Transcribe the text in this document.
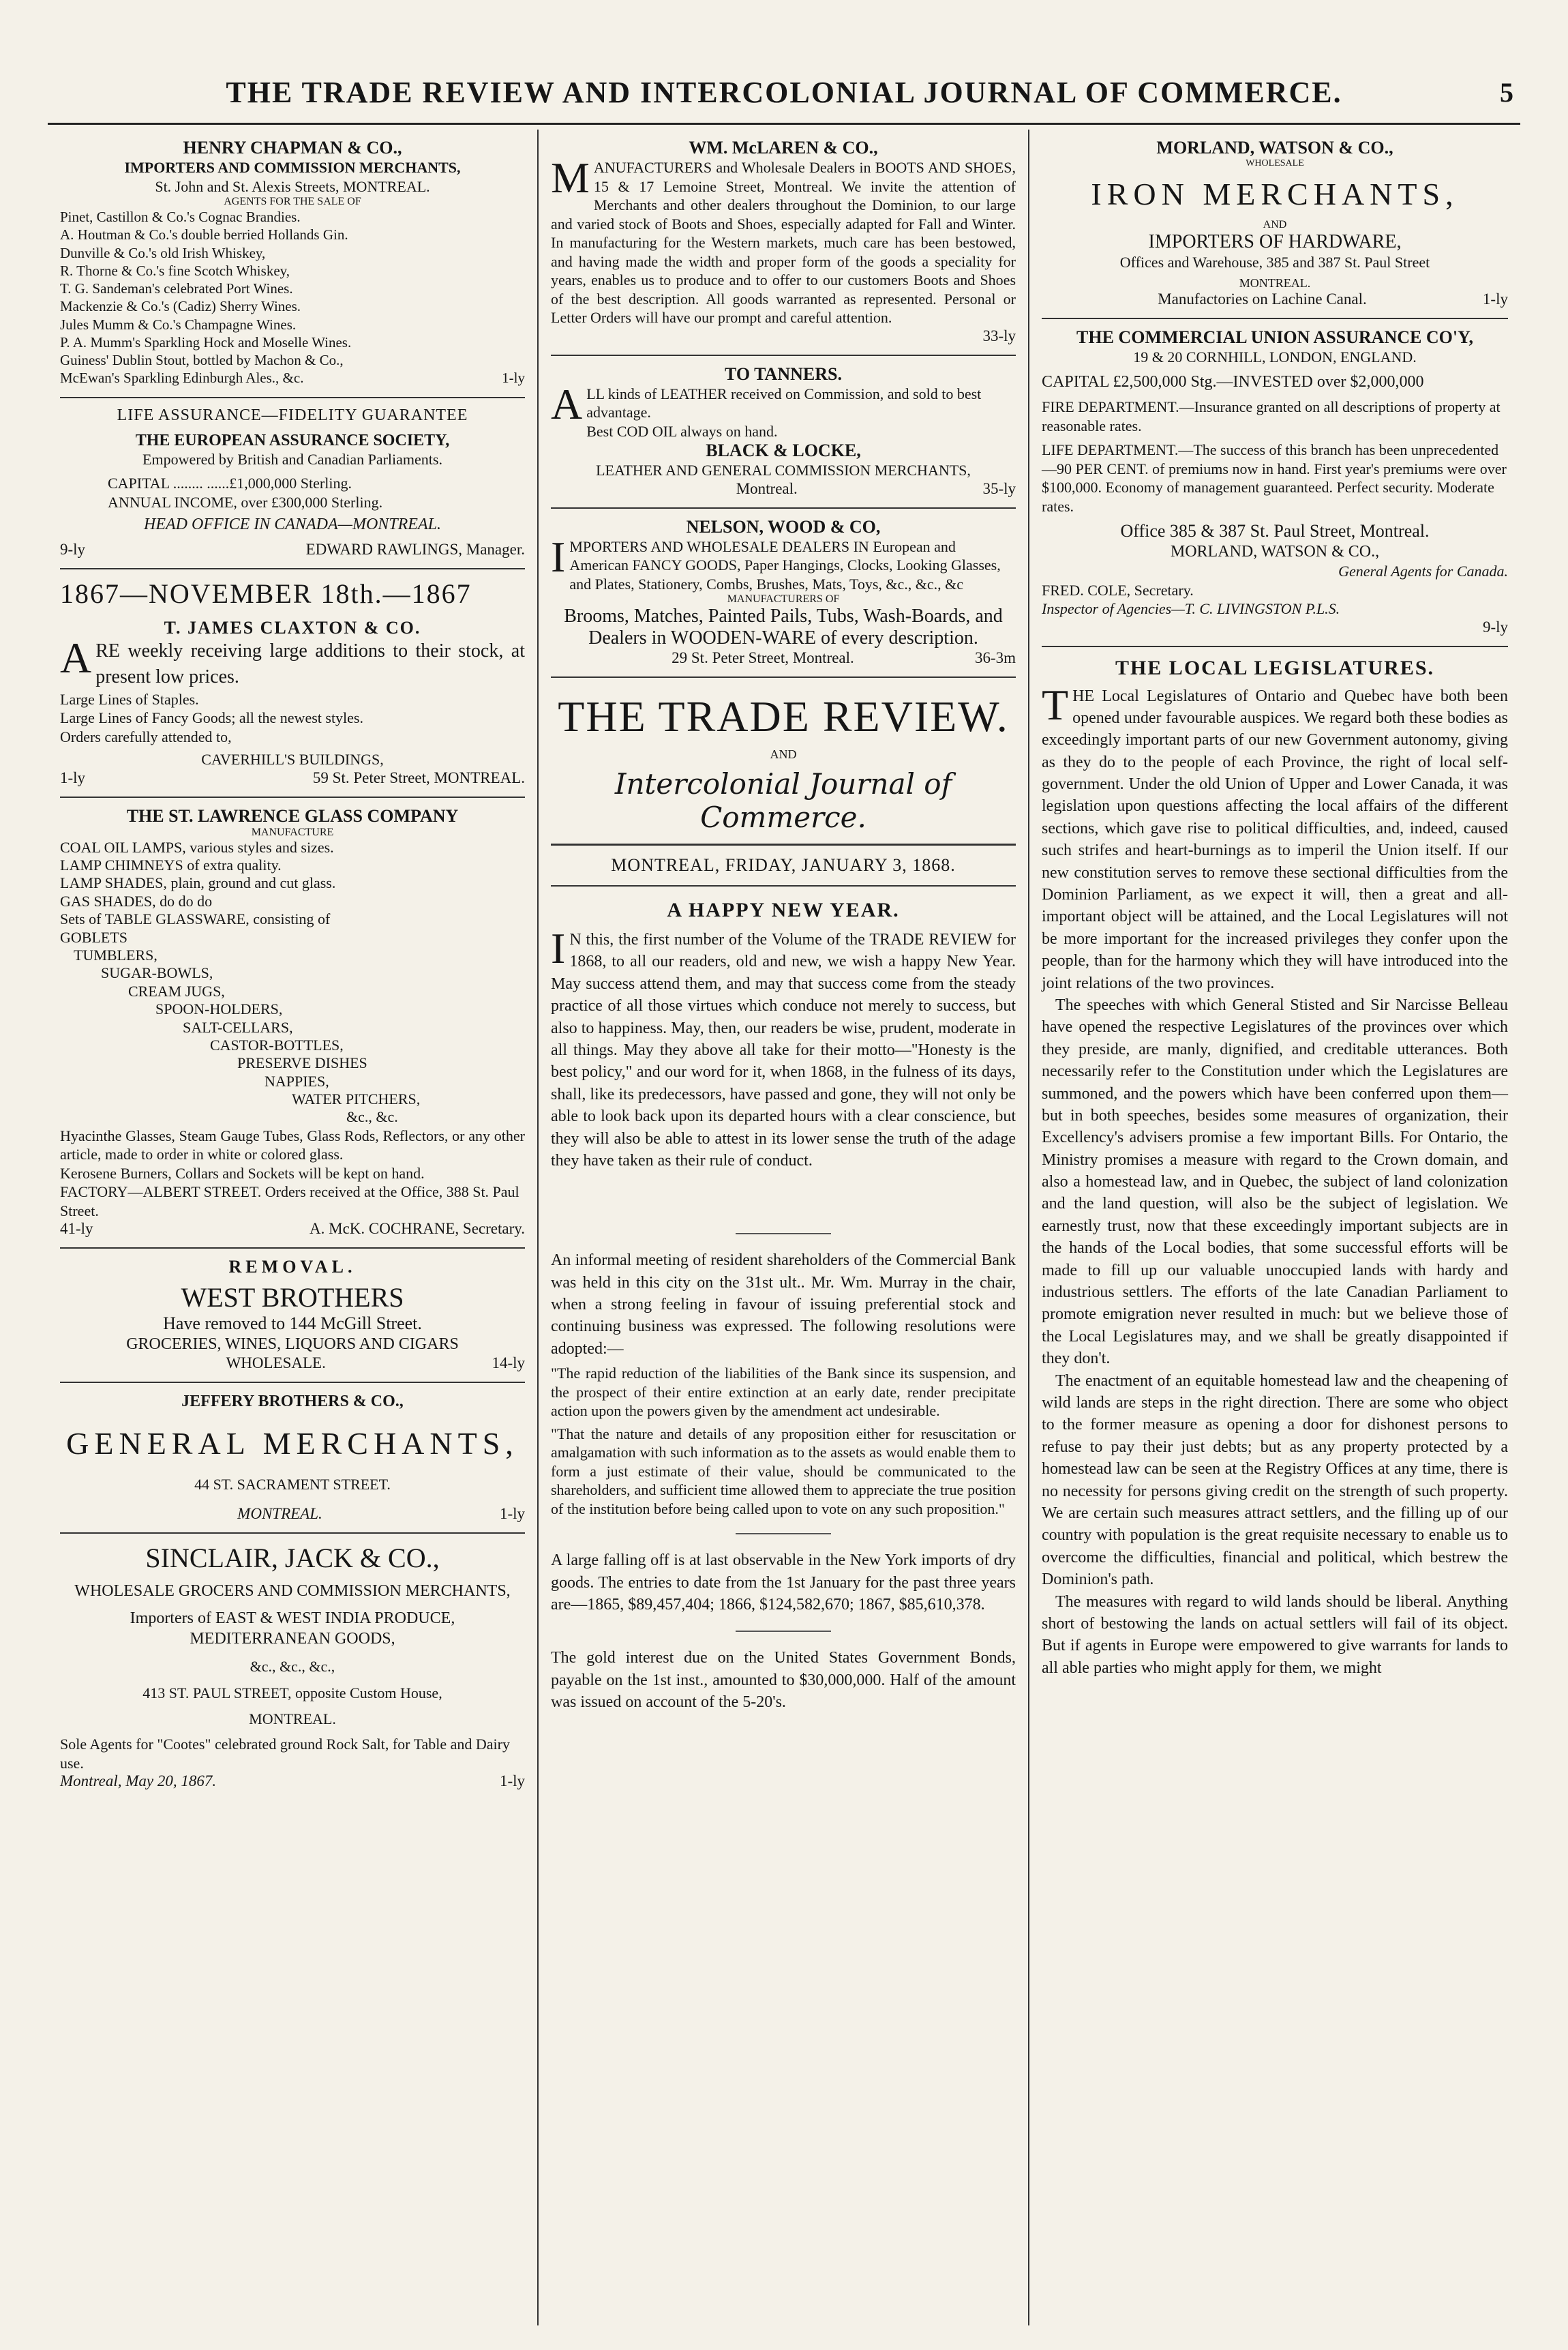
THE TRADE REVIEW AND INTERCOLONIAL JOURNAL OF COMMERCE.	5
HENRY CHAPMAN & CO.,
IMPORTERS AND COMMISSION MERCHANTS,
St. John and St. Alexis Streets, MONTREAL.
AGENTS FOR THE SALE OF
Pinet, Castillon & Co.'s Cognac Brandies.
A. Houtman & Co.'s double berried Hollands Gin.
Dunville & Co.'s old Irish Whiskey,
R. Thorne & Co.'s fine Scotch Whiskey,
T. G. Sandeman's celebrated Port Wines.
Mackenzie & Co.'s (Cadiz) Sherry Wines.
Jules Mumm & Co.'s Champagne Wines.
P. A. Mumm's Sparkling Hock and Moselle Wines.
Guiness' Dublin Stout, bottled by Machon & Co.,
McEwan's Sparkling Edinburgh Ales., &c.	1-ly
LIFE ASSURANCE—FIDELITY GUARANTEE
THE EUROPEAN ASSURANCE SOCIETY,
Empowered by British and Canadian Parliaments.
CAPITAL ........ ......£1,000,000 Sterling.
ANNUAL INCOME, over £300,000 Sterling.
HEAD OFFICE IN CANADA—MONTREAL.
9-ly	EDWARD RAWLINGS, Manager.
1867—NOVEMBER 18th.—1867
T. JAMES CLAXTON & CO.
ARE weekly receiving large additions to their stock, at present low prices.
Large Lines of Staples.
Large Lines of Fancy Goods; all the newest styles.
Orders carefully attended to,
CAVERHILL'S BUILDINGS,
1-ly	59 St. Peter Street, MONTREAL.
THE ST. LAWRENCE GLASS COMPANY
MANUFACTURE
COAL OIL LAMPS, various styles and sizes.
LAMP CHIMNEYS of extra quality.
LAMP SHADES, plain, ground and cut glass.
GAS SHADES, do do do
Sets of TABLE GLASSWARE, consisting of
GOBLETS
TUMBLERS,
SUGAR-BOWLS,
CREAM JUGS,
SPOON-HOLDERS,
SALT-CELLARS,
CASTOR-BOTTLES,
PRESERVE DISHES
NAPPIES,
WATER PITCHERS,
&c., &c.
Hyacinthe Glasses, Steam Gauge Tubes, Glass Rods, Reflectors, or any other article, made to order in white or colored glass.
Kerosene Burners, Collars and Sockets will be kept on hand.
FACTORY—ALBERT STREET. Orders received at the Office, 388 St. Paul Street.
41-ly	A. McK. COCHRANE, Secretary.
REMOVAL.
WEST BROTHERS
Have removed to 144 McGill Street.
GROCERIES, WINES, LIQUORS AND CIGARS
WHOLESALE.	14-ly
JEFFERY BROTHERS & CO.,
GENERAL MERCHANTS,
44 ST. SACRAMENT STREET.
MONTREAL.	1-ly
SINCLAIR, JACK & CO.,
WHOLESALE GROCERS AND COMMISSION MERCHANTS,
Importers of EAST & WEST INDIA PRODUCE, MEDITERRANEAN GOODS,
&c., &c., &c.,
413 ST. PAUL STREET, opposite Custom House,
MONTREAL.
Sole Agents for "Cootes" celebrated ground Rock Salt, for Table and Dairy use.
Montreal, May 20, 1867.	1-ly
WM. McLAREN & CO.,
MANUFACTURERS and Wholesale Dealers in BOOTS AND SHOES, 15 & 17 Lemoine Street, Montreal. We invite the attention of Merchants and other dealers throughout the Dominion, to our large and varied stock of Boots and Shoes, especially adapted for Fall and Winter. In manufacturing for the Western markets, much care has been bestowed, and having made the width and proper form of the goods a speciality for years, enables us to produce and to offer to our customers Boots and Shoes of the best description. All goods warranted as represented. Personal or Letter Orders will have our prompt and careful attention.
33-ly
TO TANNERS.
ALL kinds of LEATHER received on Commission, and sold to best advantage.
Best COD OIL always on hand.
BLACK & LOCKE,
LEATHER AND GENERAL COMMISSION MERCHANTS,
Montreal.	35-ly
NELSON, WOOD & CO,
IMPORTERS AND WHOLESALE DEALERS IN European and American FANCY GOODS, Paper Hangings, Clocks, Looking Glasses, and Plates, Stationery, Combs, Brushes, Mats, Toys, &c., &c., &c
MANUFACTURERS OF
Brooms, Matches, Painted Pails, Tubs, Wash-Boards, and Dealers in WOODEN-WARE of every description.
29 St. Peter Street, Montreal.	36-3m
THE TRADE REVIEW.
AND
Intercolonial Journal of Commerce.
MONTREAL, FRIDAY, JANUARY 3, 1868.
A HAPPY NEW YEAR.
IN this, the first number of the Volume of the TRADE REVIEW for 1868, to all our readers, old and new, we wish a happy New Year. May success attend them, and may that success come from the steady practice of all those virtues which conduce not merely to success, but also to happiness. May, then, our readers be wise, prudent, moderate in all things. May they above all take for their motto—"Honesty is the best policy," and our word for it, when 1868, in the fulness of its days, shall, like its predecessors, have passed and gone, they will not only be able to look back upon its departed hours with a clear conscience, but they will also be able to attest in its lower sense the truth of the adage they have taken as their rule of conduct.
An informal meeting of resident shareholders of the Commercial Bank was held in this city on the 31st ult.. Mr. Wm. Murray in the chair, when a strong feeling in favour of issuing preferential stock and continuing business was expressed. The following resolutions were adopted:—
"The rapid reduction of the liabilities of the Bank since its suspension, and the prospect of their entire extinction at an early date, render precipitate action upon the powers given by the amendment act undesirable.
"That the nature and details of any proposition either for resuscitation or amalgamation with such information as to the assets as would enable them to form a just estimate of their value, should be communicated to the shareholders, and sufficient time allowed them to appreciate the true position of the institution before being called upon to vote on any such proposition."
A large falling off is at last observable in the New York imports of dry goods. The entries to date from the 1st January for the past three years are—1865, $89,457,404; 1866, $124,582,670; 1867, $85,610,378.
The gold interest due on the United States Government Bonds, payable on the 1st inst., amounted to $30,000,000. Half of the amount was issued on account of the 5-20's.
MORLAND, WATSON & CO.,
WHOLESALE
IRON MERCHANTS,
AND
IMPORTERS OF HARDWARE,
Offices and Warehouse, 385 and 387 St. Paul Street
MONTREAL.
Manufactories on Lachine Canal.	1-ly
THE COMMERCIAL UNION ASSURANCE CO'Y,
19 & 20 CORNHILL, LONDON, ENGLAND.
CAPITAL £2,500,000 Stg.—INVESTED over $2,000,000
FIRE DEPARTMENT.—Insurance granted on all descriptions of property at reasonable rates.
LIFE DEPARTMENT.—The success of this branch has been unprecedented—90 PER CENT. of premiums now in hand. First year's premiums were over $100,000. Economy of management guaranteed. Perfect security. Moderate rates.
Office 385 & 387 St. Paul Street, Montreal.
MORLAND, WATSON & CO.,
General Agents for Canada.
FRED. COLE, Secretary.
Inspector of Agencies—T. C. LIVINGSTON P.L.S.
9-ly
THE LOCAL LEGISLATURES.
THE Local Legislatures of Ontario and Quebec have both been opened under favourable auspices. We regard both these bodies as exceedingly important parts of our new Government autonomy, giving as they do to the people of each Province, the right of local self-government. Under the old Union of Upper and Lower Canada, it was legislation upon questions affecting the local affairs of the different sections, which gave rise to political difficulties, and, indeed, caused such strifes and heart-burnings as to imperil the Union itself. If our new constitution serves to remove these sectional difficulties from the Dominion Parliament, as we expect it will, then a great and all-important object will be attained, and the Local Legislatures will not be more important for the increased privileges they confer upon the people, than for the harmony which they will have introduced into the joint relations of the two provinces.
The speeches with which General Stisted and Sir Narcisse Belleau have opened the respective Legislatures of the provinces over which they preside, are manly, dignified, and creditable utterances. Both necessarily refer to the Constitution under which the Legislatures are summoned, and the powers which have been conferred upon them—but in both speeches, besides some measures of organization, their Excellency's advisers promise a few important Bills. For Ontario, the Ministry promises a measure with regard to the Crown domain, and also a homestead law, and in Quebec, the subject of land colonization and the land question, will also be the subject of legislation. We earnestly trust, now that these exceedingly important subjects are in the hands of the Local bodies, that some successful efforts will be made to fill up our valuable unoccupied lands with hardy and industrious settlers. The efforts of the late Canadian Parliament to promote emigration never resulted in much: but we believe those of the Local Legislatures may, and we shall be greatly disappointed if they don't.
The enactment of an equitable homestead law and the cheapening of wild lands are steps in the right direction. There are some who object to the former measure as opening a door for dishonest persons to refuse to pay their just debts; but as any property protected by a homestead law can be seen at the Registry Offices at any time, there is no necessity for persons giving credit on the strength of such property. We are certain such measures attract settlers, and the filling up of our country with population is the great requisite necessary to enable us to overcome the difficulties, financial and political, which bestrew the Dominion's path.
The measures with regard to wild lands should be liberal. Anything short of bestowing the lands on actual settlers will fail of its object. But if agents in Europe were empowered to give warrants for lands to all able parties who might apply for them, we might
